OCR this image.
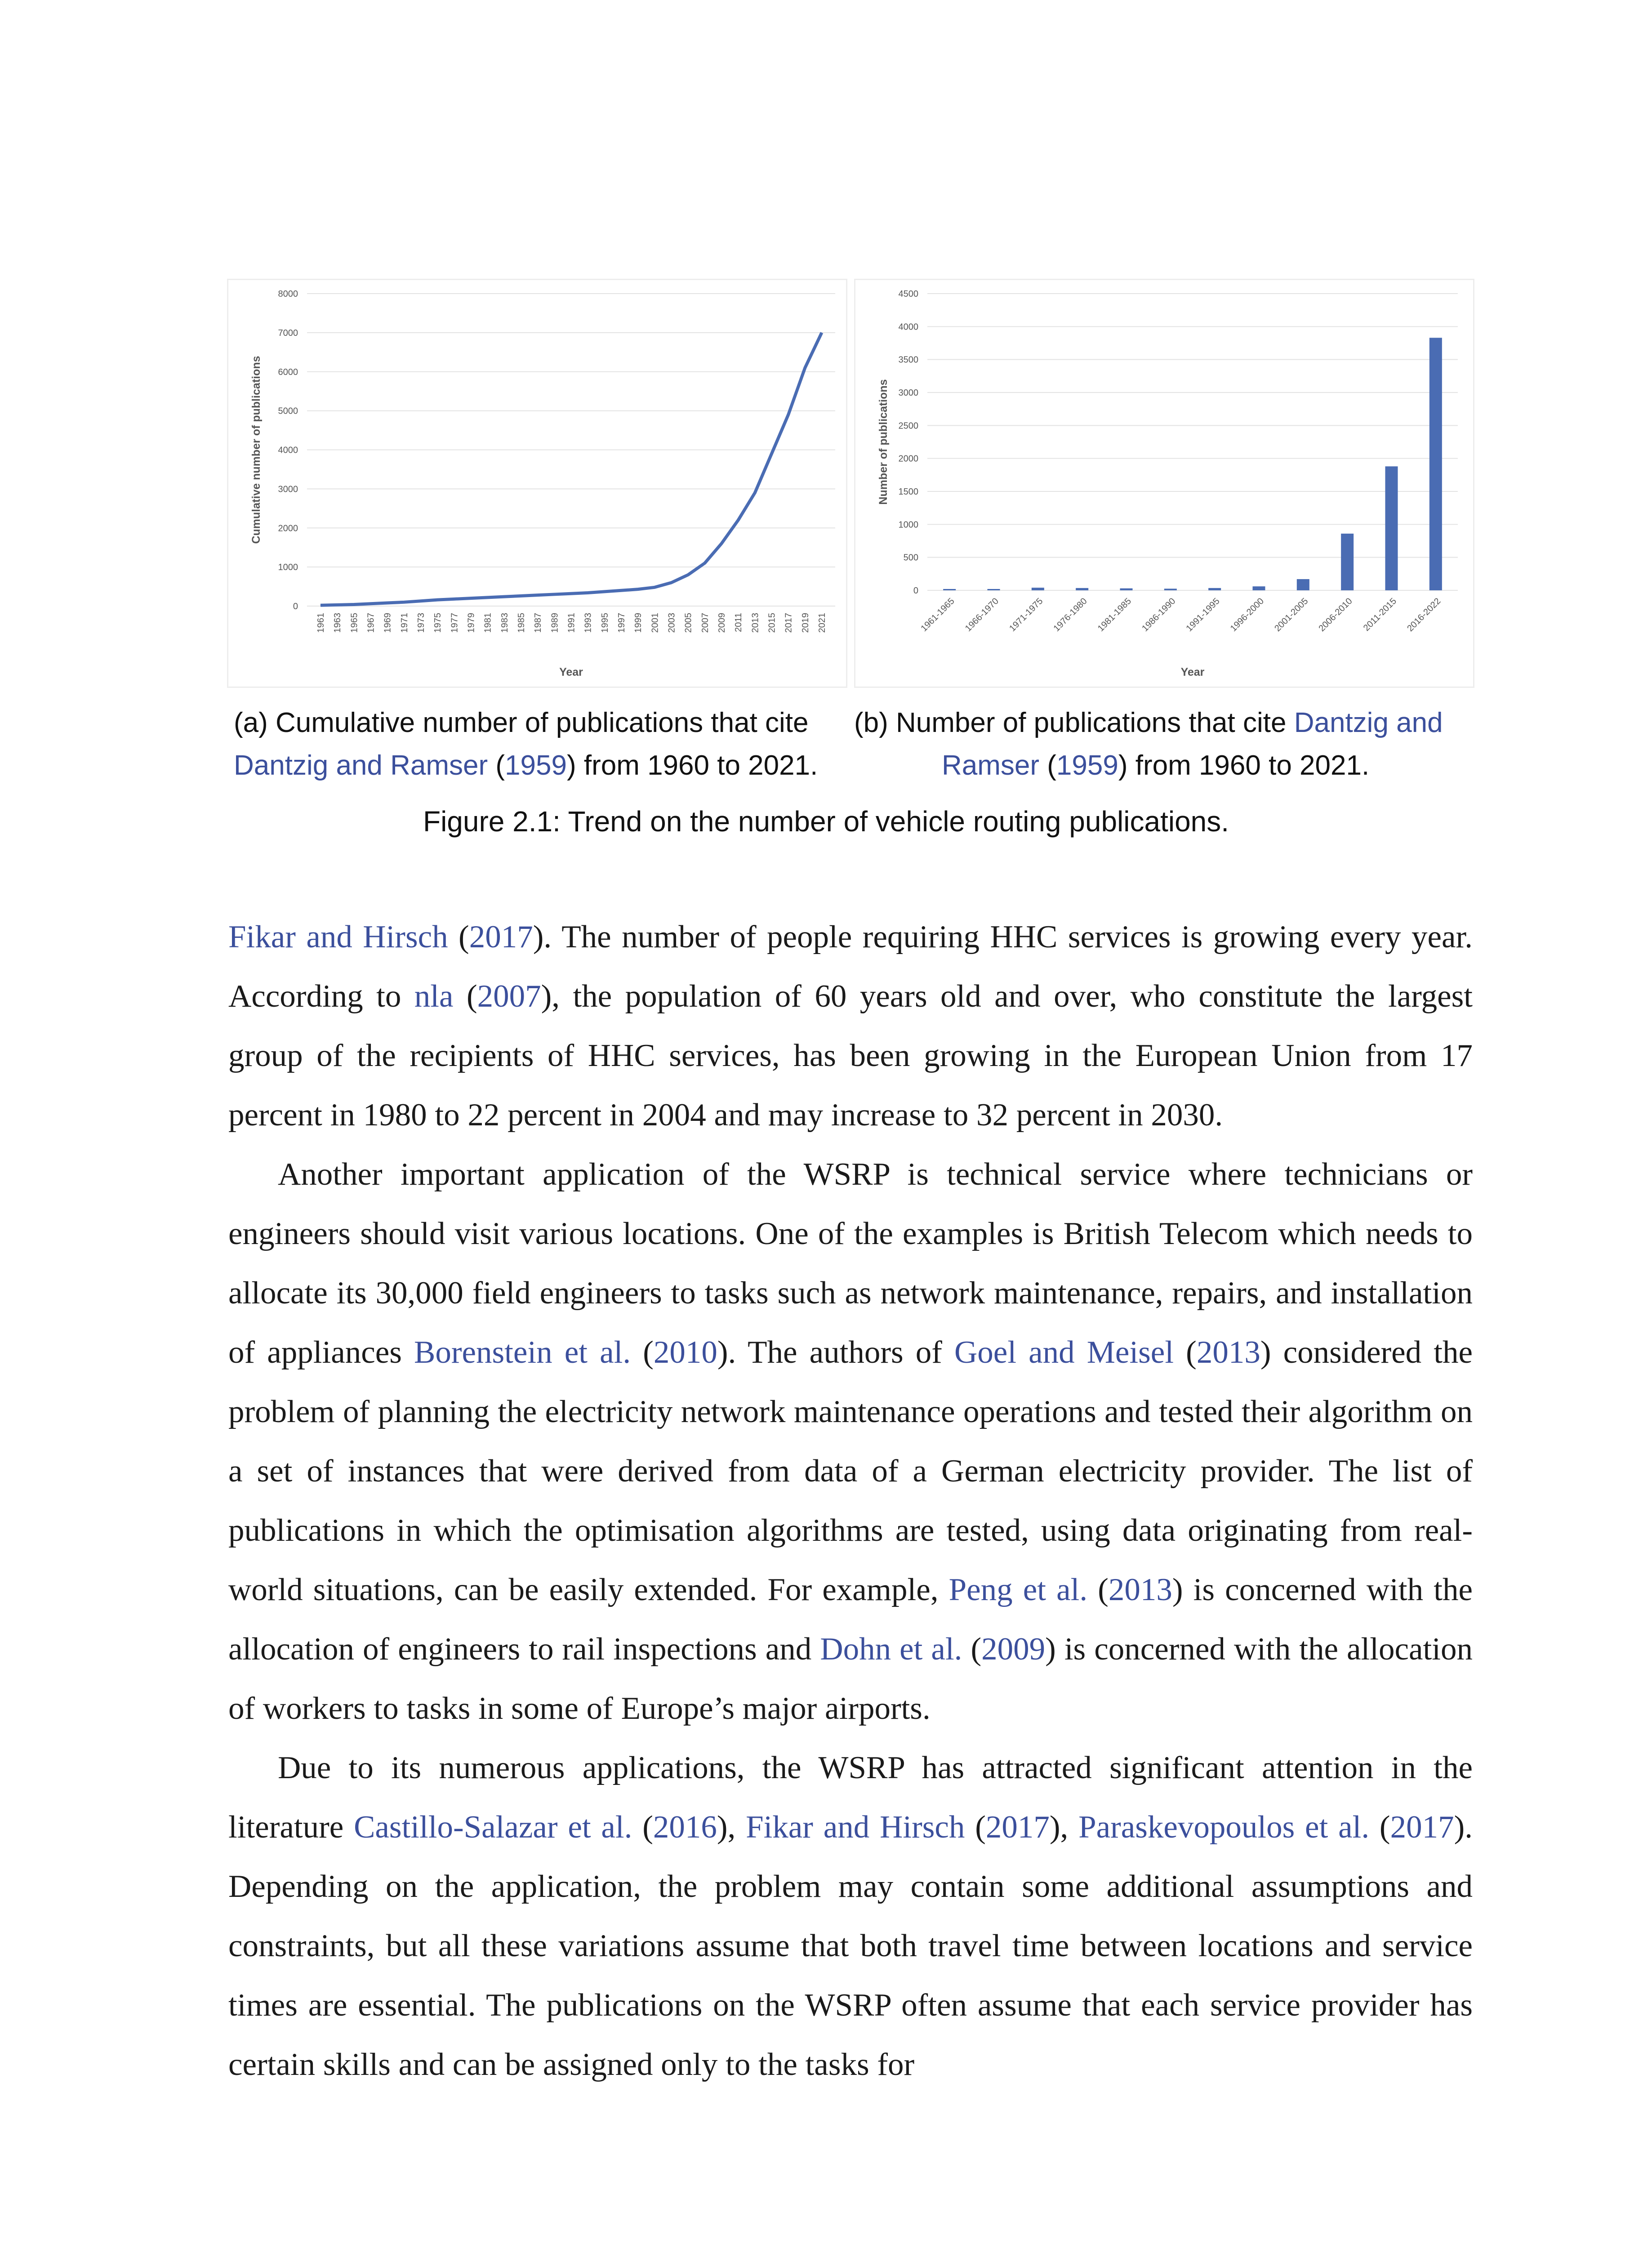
0
1000
2000
3000
4000
5000
6000
7000
8000
1961 1963 1965 1967 1969 1971 1973 1975 1977 1979 1981 1983 1985 1987 1989 1991 1993 1995 1997 1999 2001 2003 2005 2007 2009 2011 2013 2015 2017 2019 2021
Year
Cumulative number of publications
0
500
1000
1500
2000
2500
3000
3500
4000
4500
1961-1965 1966-1970 1971-1975 1976-1980 1981-1985 1986-1990 1991-1995 1996-2000 2001-2005 2006-2010 2011-2015 2016-2022
Year
Number of publications
(a) Cumulative number of publications that cite
Dantzig and Ramser (1959) from 1960 to 2021.
(b) Number of publications that cite Dantzig and
Ramser (1959) from 1960 to 2021.
Figure 2.1: Trend on the number of vehicle routing publications.

Fikar and Hirsch (2017). The number of people requiring HHC services is growing every year. According to nla (2007), the population of 60 years old and over, who constitute the largest group of the recipients of HHC services, has been growing in the European Union from 17 percent in 1980 to 22 percent in 2004 and may increase to 32 percent in 2030.

Another important application of the WSRP is technical service where technicians or engineers should visit various locations. One of the examples is British Telecom which needs to allocate its 30,000 field engineers to tasks such as network maintenance, repairs, and installation of appliances Borenstein et al. (2010). The authors of Goel and Meisel (2013) considered the problem of planning the electricity network maintenance operations and tested their algorithm on a set of instances that were derived from data of a German electricity provider. The list of publications in which the optimisation algorithms are tested, using data originating from real-world situations, can be easily extended. For example, Peng et al. (2013) is concerned with the allocation of engineers to rail inspections and Dohn et al. (2009) is concerned with the allocation of workers to tasks in some of Europe’s major airports.

Due to its numerous applications, the WSRP has attracted significant attention in the literature Castillo-Salazar et al. (2016), Fikar and Hirsch (2017), Paraskevopoulos et al. (2017). Depending on the application, the problem may contain some additional assumptions and constraints, but all these variations assume that both travel time between locations and service times are essential. The publications on the WSRP often assume that each service provider has certain skills and can be assigned only to the tasks for
